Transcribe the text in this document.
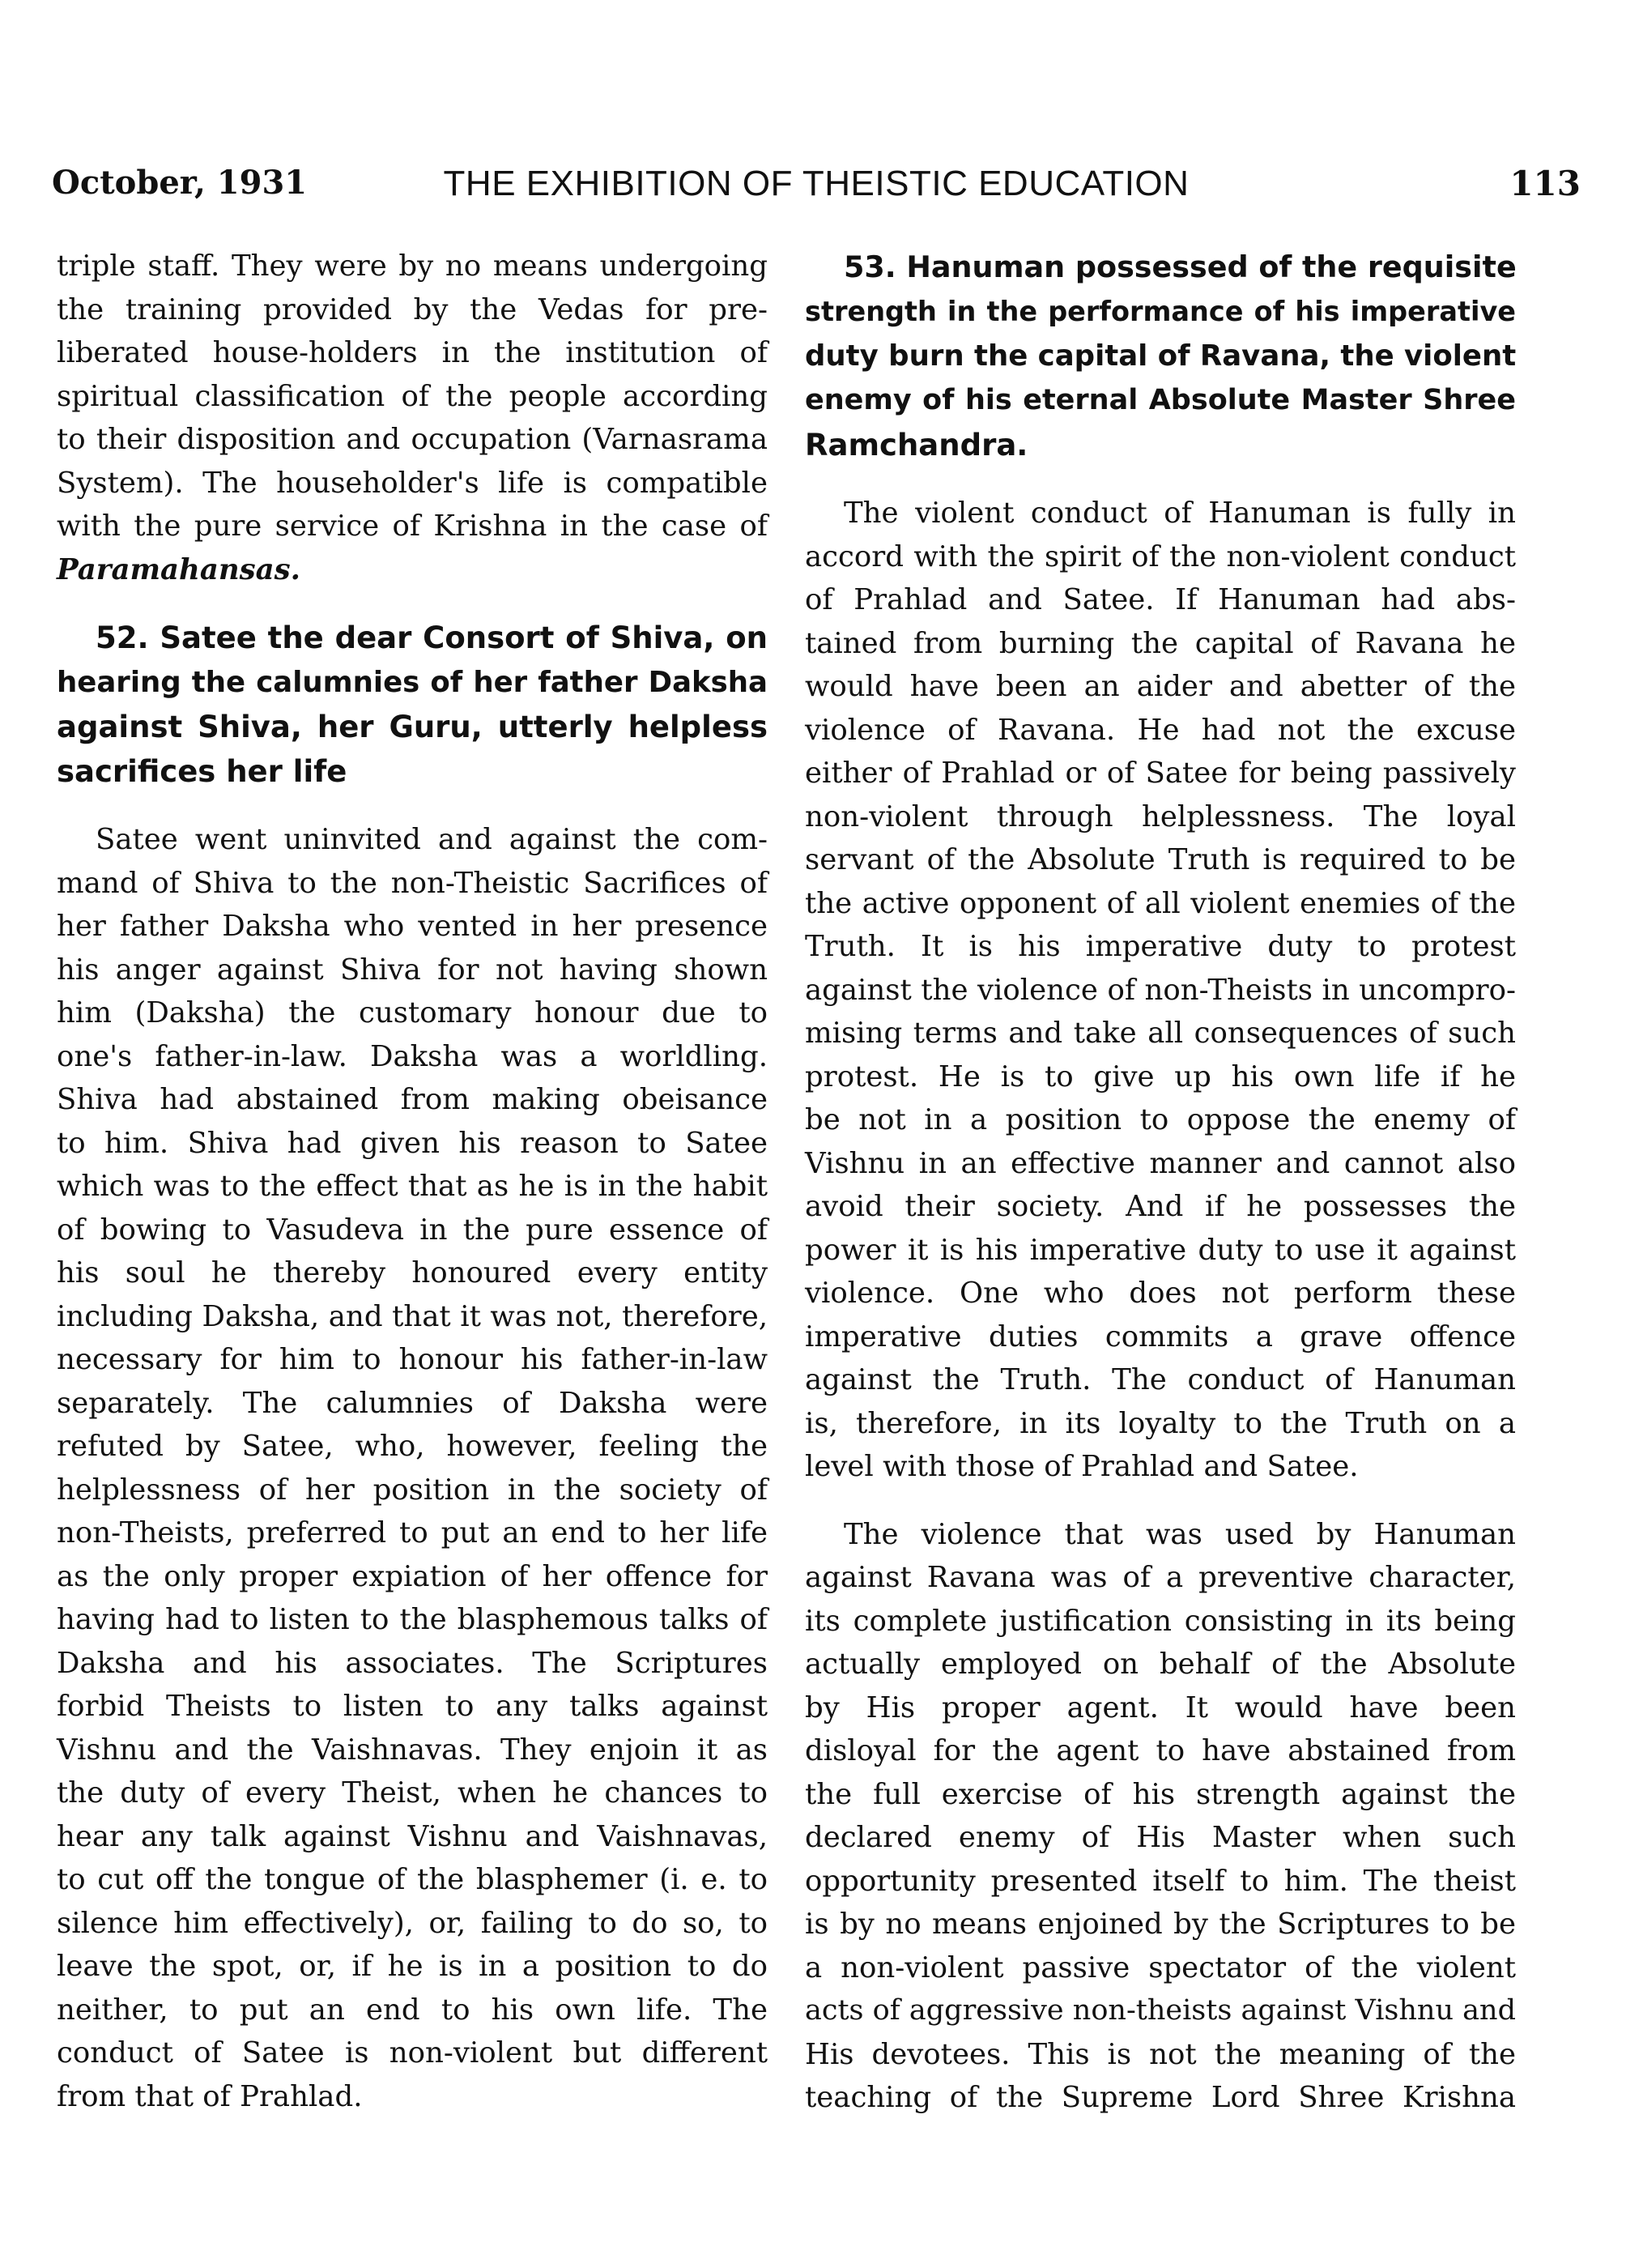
October, 1931	THE EXHIBITION OF THEISTIC EDUCATION	113
triple staff. They were by no means undergoing
the training provided by the Vedas for pre-
liberated house-holders in the institution of
spiritual classification of the people according
to their disposition and occupation (Varnasrama
System). The householder's life is compatible
with the pure service of Krishna in the case of
Paramahansas.
52. Satee the dear Consort of Shiva, on
hearing the calumnies of her father Daksha
against Shiva, her Guru, utterly helpless
sacrifices her life
Satee went uninvited and against the com-
mand of Shiva to the non-Theistic Sacrifices of
her father Daksha who vented in her presence
his anger against Shiva for not having shown
him (Daksha) the customary honour due to
one's father-in-law. Daksha was a worldling.
Shiva had abstained from making obeisance
to him. Shiva had given his reason to Satee
which was to the effect that as he is in the habit
of bowing to Vasudeva in the pure essence of
his soul he thereby honoured every entity
including Daksha, and that it was not, therefore,
necessary for him to honour his father-in-law
separately. The calumnies of Daksha were
refuted by Satee, who, however, feeling the
helplessness of her position in the society of
non-Theists, preferred to put an end to her life
as the only proper expiation of her offence for
having had to listen to the blasphemous talks of
Daksha and his associates. The Scriptures
forbid Theists to listen to any talks against
Vishnu and the Vaishnavas. They enjoin it as
the duty of every Theist, when he chances to
hear any talk against Vishnu and Vaishnavas,
to cut off the tongue of the blasphemer (i. e. to
silence him effectively), or, failing to do so, to
leave the spot, or, if he is in a position to do
neither, to put an end to his own life. The
conduct of Satee is non-violent but different
from that of Prahlad.
53. Hanuman possessed of the requisite
strength in the performance of his imperative
duty burn the capital of Ravana, the violent
enemy of his eternal Absolute Master Shree
Ramchandra.
The violent conduct of Hanuman is fully in
accord with the spirit of the non-violent conduct
of Prahlad and Satee. If Hanuman had abs-
tained from burning the capital of Ravana he
would have been an aider and abetter of the
violence of Ravana. He had not the excuse
either of Prahlad or of Satee for being passively
non-violent through helplessness. The loyal
servant of the Absolute Truth is required to be
the active opponent of all violent enemies of the
Truth. It is his imperative duty to protest
against the violence of non-Theists in uncompro-
mising terms and take all consequences of such
protest. He is to give up his own life if he
be not in a position to oppose the enemy of
Vishnu in an effective manner and cannot also
avoid their society. And if he possesses the
power it is his imperative duty to use it against
violence. One who does not perform these
imperative duties commits a grave offence
against the Truth. The conduct of Hanuman
is, therefore, in its loyalty to the Truth on a
level with those of Prahlad and Satee.
The violence that was used by Hanuman
against Ravana was of a preventive character,
its complete justification consisting in its being
actually employed on behalf of the Absolute
by His proper agent. It would have been
disloyal for the agent to have abstained from
the full exercise of his strength against the
declared enemy of His Master when such
opportunity presented itself to him. The theist
is by no means enjoined by the Scriptures to be
a non-violent passive spectator of the violent
acts of aggressive non-theists against Vishnu and
His devotees. This is not the meaning of the
teaching of the Supreme Lord Shree Krishna
